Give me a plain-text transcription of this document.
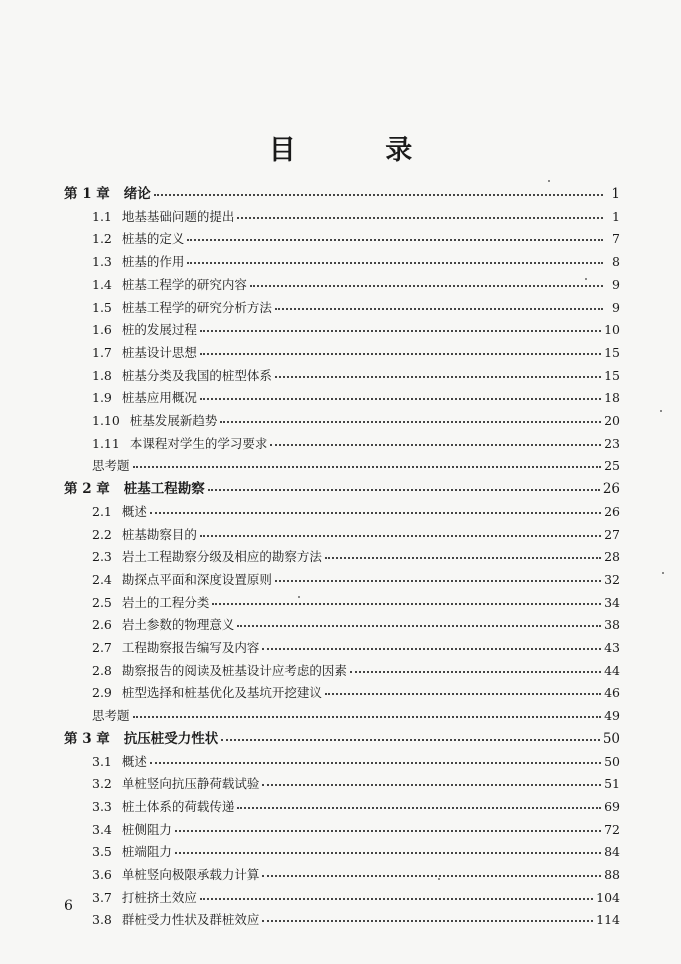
目 录
第 1 章	绪论	1
1.1 地基基础问题的提出	1
1.2 桩基的定义	7
1.3 桩基的作用	8
1.4 桩基工程学的研究内容	9
1.5 桩基工程学的研究分析方法	9
1.6 桩的发展过程	10
1.7 桩基设计思想	15
1.8 桩基分类及我国的桩型体系	15
1.9 桩基应用概况	18
1.10 桩基发展新趋势	20
1.11 本课程对学生的学习要求	23
思考题	25
第 2 章	桩基工程勘察	26
2.1 概述	26
2.2 桩基勘察目的	27
2.3 岩土工程勘察分级及相应的勘察方法	28
2.4 勘探点平面和深度设置原则	32
2.5 岩土的工程分类	34
2.6 岩土参数的物理意义	38
2.7 工程勘察报告编写及内容	43
2.8 勘察报告的阅读及桩基设计应考虑的因素	44
2.9 桩型选择和桩基优化及基坑开挖建议	46
思考题	49
第 3 章	抗压桩受力性状	50
3.1 概述	50
3.2 单桩竖向抗压静荷载试验	51
3.3 桩土体系的荷载传递	69
3.4 桩侧阻力	72
3.5 桩端阻力	84
3.6 单桩竖向极限承载力计算	88
3.7 打桩挤土效应	104
3.8 群桩受力性状及群桩效应	114
6
